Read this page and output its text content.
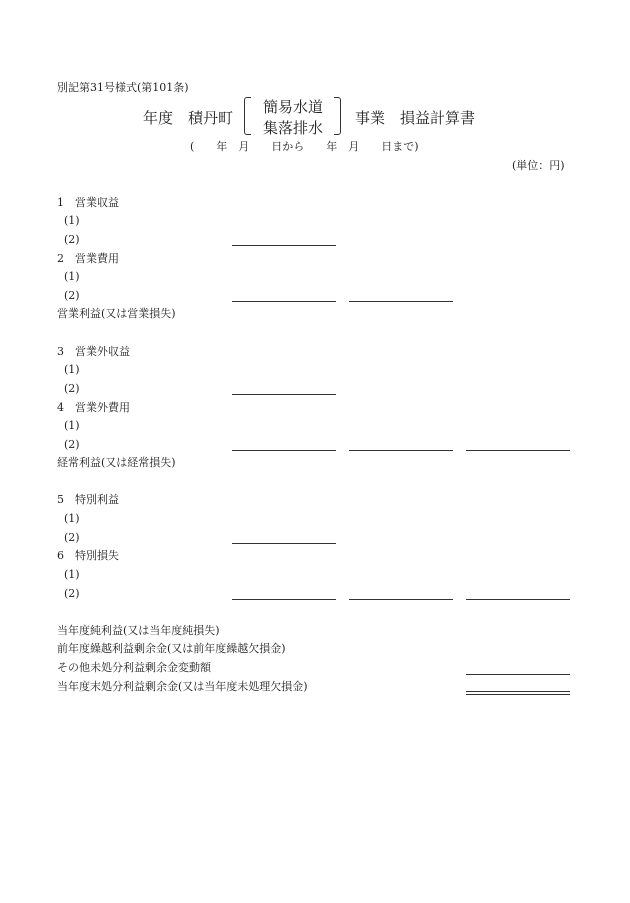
別記第31号様式(第101条)
年度　積丹町
簡易水道
集落排水
事業　損益計算書
(　　年　月　　日から　　年　月　　日まで)
(単位：円)
1　営業収益
(1)
(2)
2　営業費用
(1)
(2)
営業利益(又は営業損失)
3　営業外収益
(1)
(2)
4　営業外費用
(1)
(2)
経常利益(又は経常損失)
5　特別利益
(1)
(2)
6　特別損失
(1)
(2)
当年度純利益(又は当年度純損失)
前年度繰越利益剰余金(又は前年度繰越欠損金)
その他未処分利益剰余金変動額
当年度末処分利益剰余金(又は当年度未処理欠損金)
